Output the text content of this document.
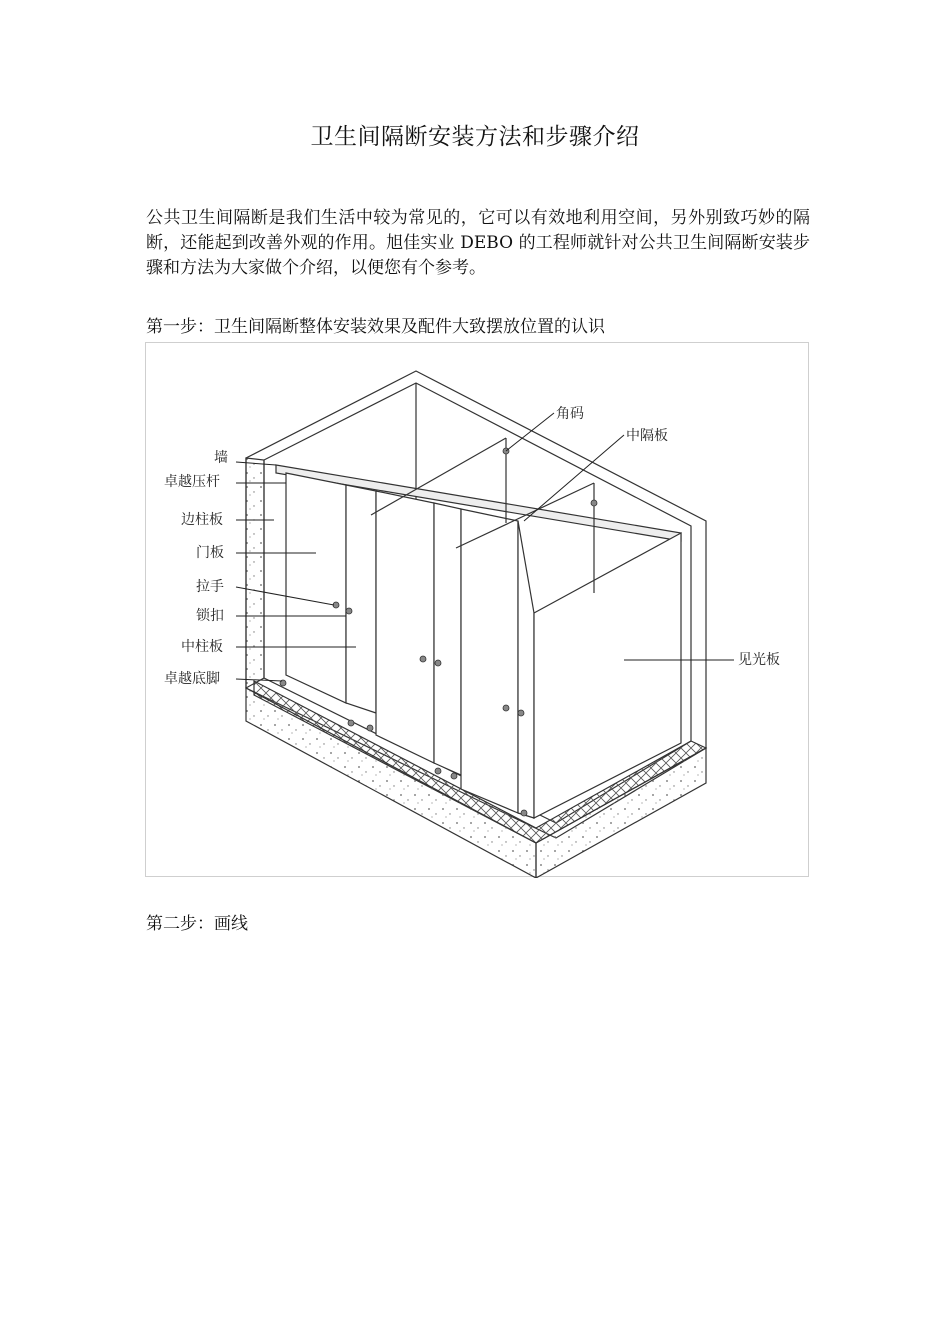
卫生间隔断安装方法和步骤介绍
公共卫生间隔断是我们生活中较为常见的，它可以有效地利用空间，另外别致巧妙的隔断，还能起到改善外观的作用。旭佳实业 DEBO 的工程师就针对公共卫生间隔断安装步骤和方法为大家做个介绍，以便您有个参考。
第一步：卫生间隔断整体安装效果及配件大致摆放位置的认识
墙
卓越压杆
边柱板
门板
拉手
锁扣
中柱板
卓越底脚
角码
中隔板
见光板
第二步：画线
